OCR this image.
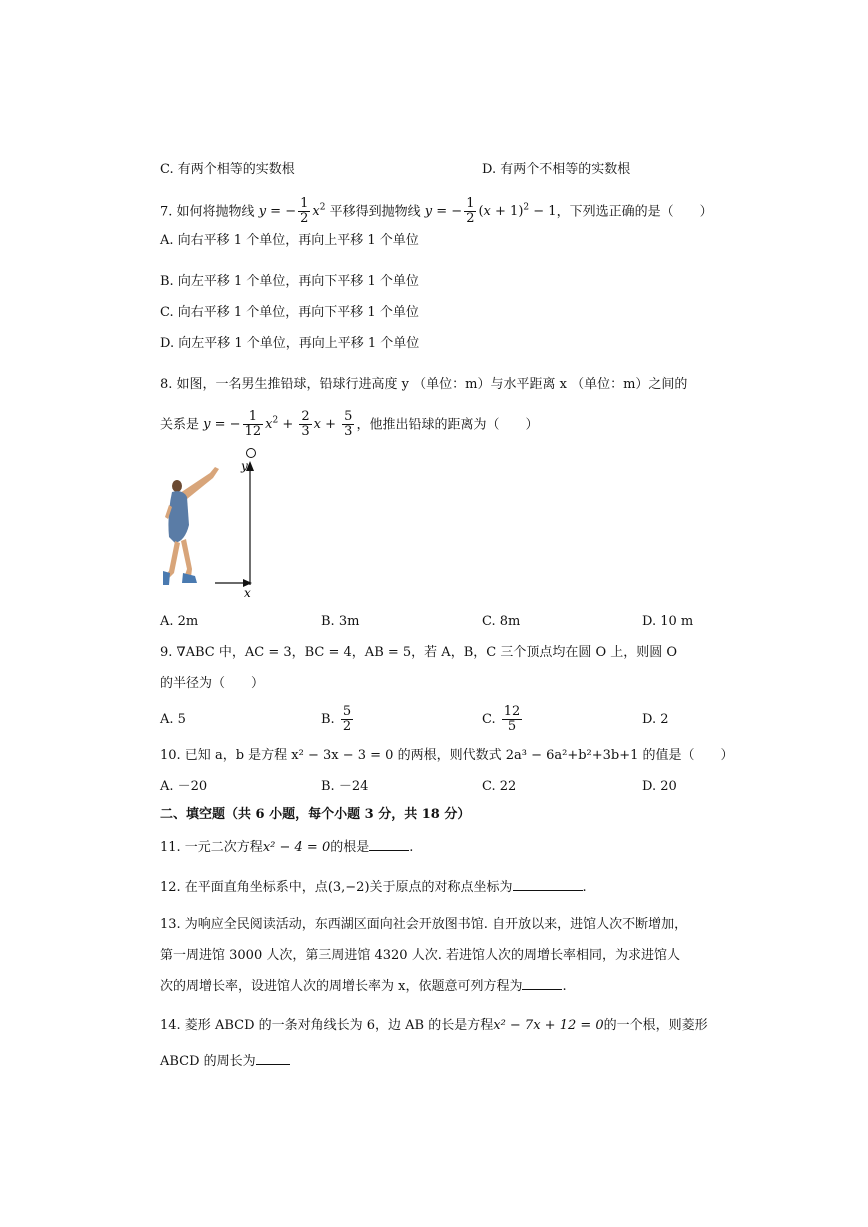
C. 有两个相等的实数根	D. 有两个不相等的实数根
7. 如何将抛物线 y = − $\frac{1}{2} x^2$ 平移得到抛物线 y = − $\frac{1}{2} (x + 1)^2 - 1$，下列选正确的是（　　）
A. 向右平移 1 个单位，再向上平移 1 个单位
B. 向左平移 1 个单位，再向下平移 1 个单位
C. 向右平移 1 个单位，再向下平移 1 个单位
D. 向左平移 1 个单位，再向上平移 1 个单位
8. 如图，一名男生推铅球，铅球行进高度 y （单位：m）与水平距离 x （单位：m）之间的
关系是 y = − $\frac{1}{12} x^2 + \frac{2}{3}$ $x + \frac{5}{3}$ ，他推出铅球的距离为（　　）
y
x
A. 2m	B. 3m	C. 8m	D. 10 m
9. ∇ABC 中，AC = 3，BC = 4，AB = 5，若 A，B，C 三个顶点均在圆 O 上，则圆 O
的半径为（　　）
A. 5	B. $\frac{5}{2}$	C. $\frac{12}{5}$	D. 2
10. 已知 a，b 是方程 x² − 3x − 3 = 0 的两根，则代数式 2a³ − 6a²+b²+3b+1 的值是（　　）
A. －20	B. －24	C. 22	D. 20
二、填空题（共 6 小题，每个小题 3 分，共 18 分）
11. 一元二次方程x² − 4 = 0的根是	.
12. 在平面直角坐标系中，点(3,−2)关于原点的对称点坐标为	.
13. 为响应全民阅读活动，东西湖区面向社会开放图书馆. 自开放以来，进馆人次不断增加，
第一周进馆 3000 人次，第三周进馆 4320 人次. 若进馆人次的周增长率相同，为求进馆人
次的周增长率，设进馆人次的周增长率为 x，依题意可列方程为	.
14. 菱形 ABCD 的一条对角线长为 6，边 AB 的长是方程x² − 7x + 12 = 0的一个根，则菱形
ABCD 的周长为
